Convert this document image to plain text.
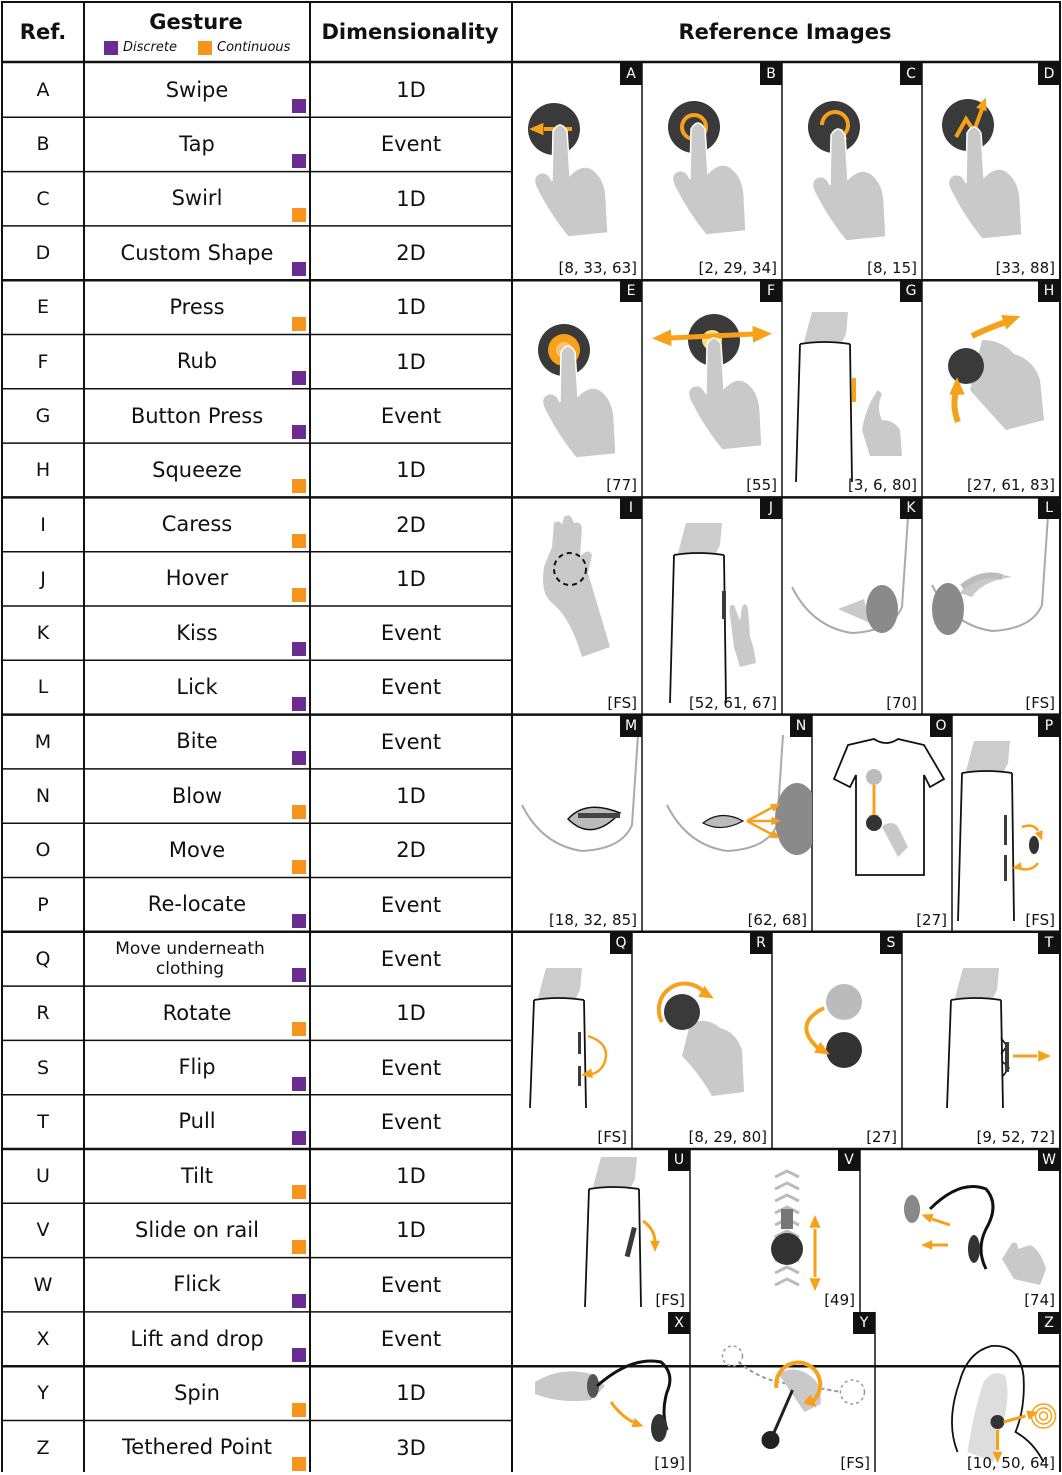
Ref.	Gesture
Discrete	Continuous
Dimensionality	Reference Images
A	Swipe	1D
B	Tap	Event
C	Swirl	1D
D	Custom Shape	2D
E	Press	1D
F	Rub	1D
G	Button Press	Event
H	Squeeze	1D
I	Caress	2D
J	Hover	1D
K	Kiss	Event
L	Lick	Event
M	Bite	Event
N	Blow	1D
O	Move	2D
P	Re-locate	Event
Q	Move underneath clothing	Event
R	Rotate	1D
S	Flip	Event
T	Pull	Event
U	Tilt	1D
V	Slide on rail	1D
W	Flick	Event
X	Lift and drop	Event
Y	Spin	1D
Z	Tethered Point	3D
A
[8, 33, 63]
B
[2, 29, 34]
C
[8, 15]
D
[33, 88]
E
[77]
F
[55]
G
[3, 6, 80]
H
[27, 61, 83]
I
[FS]
J
[52, 61, 67]
K
[70]
L
[FS]
M
[18, 32, 85]
N
[62, 68]
O
[27]
P
[FS]
Q
[FS]
R
[8, 29, 80]
S
[27]
T
[9, 52, 72]
U
[FS]
V
[49]
W
[74]
X
[19]
Y
[FS]
Z
[10, 50, 64]
